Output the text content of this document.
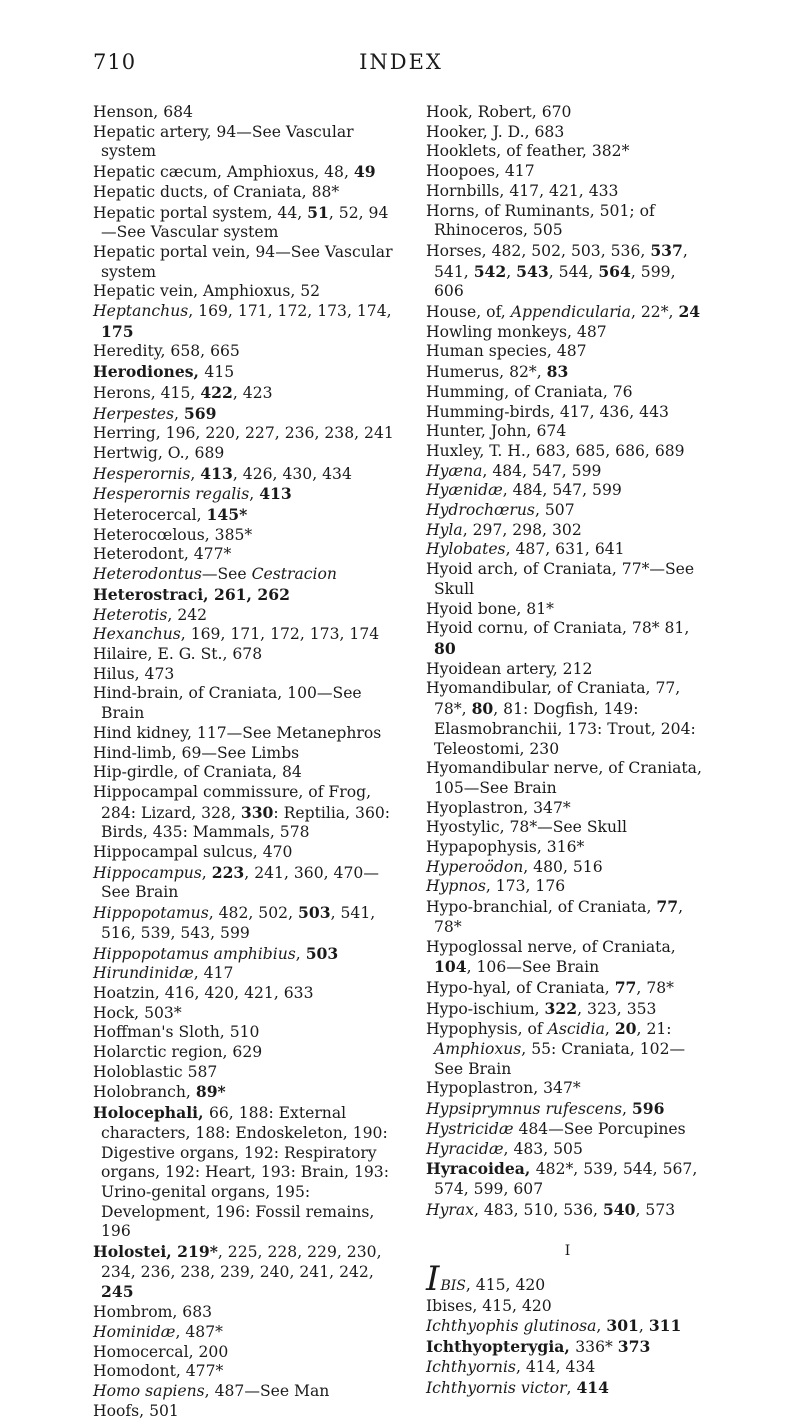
710	INDEX

Henson, 684

Hepatic artery, 94—See Vascular system

Hepatic cæcum, Amphioxus, 48, 49

Hepatic ducts, of Craniata, 88*

Hepatic portal system, 44, 51, 52, 94—See Vascular system

Hepatic portal vein, 94—See Vascular system

Hepatic vein, Amphioxus, 52

Heptanchus, 169, 171, 172, 173, 174, 175

Heredity, 658, 665

Herodiones, 415

Herons, 415, 422, 423

Herpestes, 569

Herring, 196, 220, 227, 236, 238, 241

Hertwig, O., 689

Hesperornis, 413, 426, 430, 434

Hesperornis regalis, 413

Heterocercal, 145*

Heterocœlous, 385*

Heterodont, 477*

Heterodontus—See Cestracion

Heterostraci, 261, 262

Heterotis, 242

Hexanchus, 169, 171, 172, 173, 174

Hilaire, E. G. St., 678

Hilus, 473

Hind-brain, of Craniata, 100—See Brain

Hind kidney, 117—See Metanephros

Hind-limb, 69—See Limbs

Hip-girdle, of Craniata, 84

Hippocampal commissure, of Frog, 284: Lizard, 328, 330: Reptilia, 360: Birds, 435: Mammals, 578

Hippocampal sulcus, 470

Hippocampus, 223, 241, 360, 470—See Brain

Hippopotamus, 482, 502, 503, 541, 516, 539, 543, 599

Hippopotamus amphibius, 503

Hirundinidæ, 417

Hoatzin, 416, 420, 421, 633

Hock, 503*

Hoffman's Sloth, 510

Holarctic region, 629

Holoblastic 587

Holobranch, 89*

Holocephali, 66, 188: External characters, 188: Endoskeleton, 190: Digestive organs, 192: Respiratory organs, 192: Heart, 193: Brain, 193: Urino-genital organs, 195: Development, 196: Fossil remains, 196

Holostei, 219*, 225, 228, 229, 230, 234, 236, 238, 239, 240, 241, 242, 245

Hombrom, 683

Hominidæ, 487*

Homocercal, 200

Homodont, 477*

Homo sapiens, 487—See Man

Hoofs, 501

Hook, Robert, 670

Hooker, J. D., 683

Hooklets, of feather, 382*

Hoopoes, 417

Hornbills, 417, 421, 433

Horns, of Ruminants, 501; of Rhinoceros, 505

Horses, 482, 502, 503, 536, 537, 541, 542, 543, 544, 564, 599, 606

House, of, Appendicularia, 22*, 24

Howling monkeys, 487

Human species, 487

Humerus, 82*, 83

Humming, of Craniata, 76

Humming-birds, 417, 436, 443

Hunter, John, 674

Huxley, T. H., 683, 685, 686, 689

Hyæna, 484, 547, 599

Hyænidæ, 484, 547, 599

Hydrochœrus, 507

Hyla, 297, 298, 302

Hylobates, 487, 631, 641

Hyoid arch, of Craniata, 77*—See Skull

Hyoid bone, 81*

Hyoid cornu, of Craniata, 78* 81, 80

Hyoidean artery, 212

Hyomandibular, of Craniata, 77, 78*, 80, 81: Dogfish, 149: Elasmobranchii, 173: Trout, 204: Teleostomi, 230

Hyomandibular nerve, of Craniata, 105—See Brain

Hyoplastron, 347*

Hyostylic, 78*—See Skull

Hypapophysis, 316*

Hyperoödon, 480, 516

Hypnos, 173, 176

Hypo-branchial, of Craniata, 77, 78*

Hypoglossal nerve, of Craniata, 104, 106—See Brain

Hypo-hyal, of Craniata, 77, 78*

Hypo-ischium, 322, 323, 353

Hypophysis, of Ascidia, 20, 21: Amphioxus, 55: Craniata, 102—See Brain

Hypoplastron, 347*

Hypsiprymnus rufescens, 596

Hystricidæ 484—See Porcupines

Hyracidæ, 483, 505

Hyracoidea, 482*, 539, 544, 567, 574, 599, 607

Hyrax, 483, 510, 536, 540, 573

I

IBIS, 415, 420

Ibises, 415, 420

Ichthyophis glutinosa, 301, 311

Ichthyopterygia, 336* 373

Ichthyornis, 414, 434

Ichthyornis victor, 414
